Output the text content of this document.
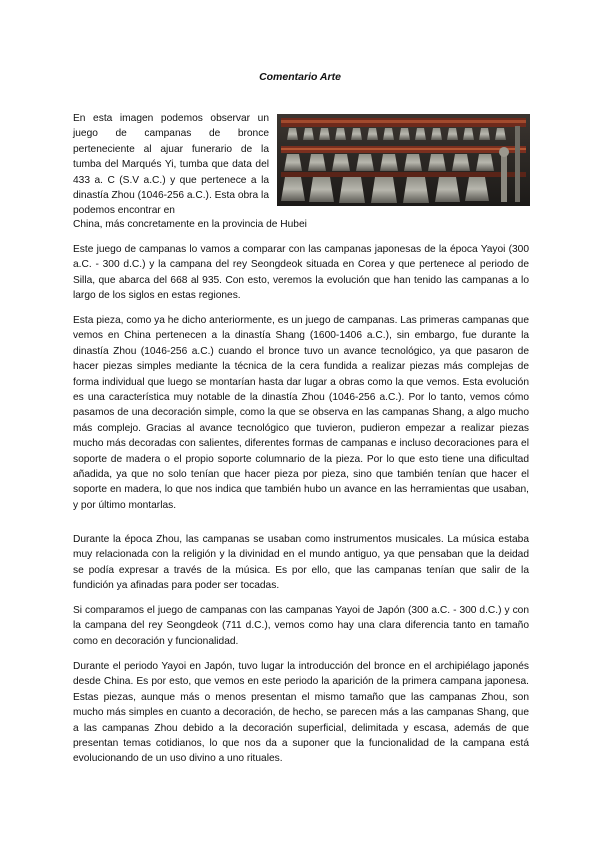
Comentario Arte

En esta imagen podemos observar un juego de campanas de bronce perteneciente al ajuar funerario de la tumba del Marqués Yi, tumba que data del 433 a. C (S.V a.C.) y que pertenece a la dinastía Zhou (1046-256 a.C.). Esta obra la podemos encontrar en

China, más concretamente en la provincia de Hubei

Este juego de campanas lo vamos a comparar con las campanas japonesas de la época Yayoi (300 a.C. - 300 d.C.) y la campana del rey Seongdeok situada en Corea y que pertenece al periodo de Silla, que abarca del 668 al 935. Con esto, veremos la evolución que han tenido las campanas a lo largo de los siglos en estas regiones.

Esta pieza, como ya he dicho anteriormente, es un juego de campanas. Las primeras campanas que vemos en China pertenecen a la dinastía Shang (1600-1406 a.C.), sin embargo, fue durante la dinastía Zhou (1046-256 a.C.) cuando el bronce tuvo un avance tecnológico, ya que pasaron de hacer piezas simples mediante la técnica de la cera fundida a realizar piezas más complejas de forma individual que luego se montarían hasta dar lugar a obras como la que vemos. Esta evolución es una característica muy notable de la dinastía Zhou (1046-256 a.C.). Por lo tanto, vemos cómo pasamos de una decoración simple, como la que se observa en las campanas Shang, a algo mucho más complejo. Gracias al avance tecnológico que tuvieron, pudieron empezar a realizar piezas mucho más decoradas con salientes, diferentes formas de campanas e incluso decoraciones para el soporte de madera o el propio soporte columnario de la pieza. Por lo que esto tiene una dificultad añadida, ya que no solo tenían que hacer pieza por pieza, sino que también tenían que hacer el soporte en madera, lo que nos indica que también hubo un avance en las herramientas que usaban, y por último montarlas.

Durante la época Zhou, las campanas se usaban como instrumentos musicales. La música estaba muy relacionada con la religión y la divinidad en el mundo antiguo, ya que pensaban que la deidad se podía expresar a través de la música. Es por ello, que las campanas tenían que salir de la fundición ya afinadas para poder ser tocadas.

Si comparamos el juego de campanas con las campanas Yayoi de Japón (300 a.C. - 300 d.C.) y con la campana del rey Seongdeok (711 d.C.), vemos como hay una clara diferencia tanto en tamaño como en decoración y funcionalidad.

Durante el periodo Yayoi en Japón, tuvo lugar la introducción del bronce en el archipiélago japonés desde China. Es por esto, que vemos en este periodo la aparición de la primera campana japonesa. Estas piezas, aunque más o menos presentan el mismo tamaño que las campanas Zhou, son mucho más simples en cuanto a decoración, de hecho, se parecen más a las campanas Shang, que a las campanas Zhou debido a la decoración superficial, delimitada y escasa, además de que presentan temas cotidianos, lo que nos da a suponer que la funcionalidad de la campana está evolucionando de un uso divino a uno rituales.
